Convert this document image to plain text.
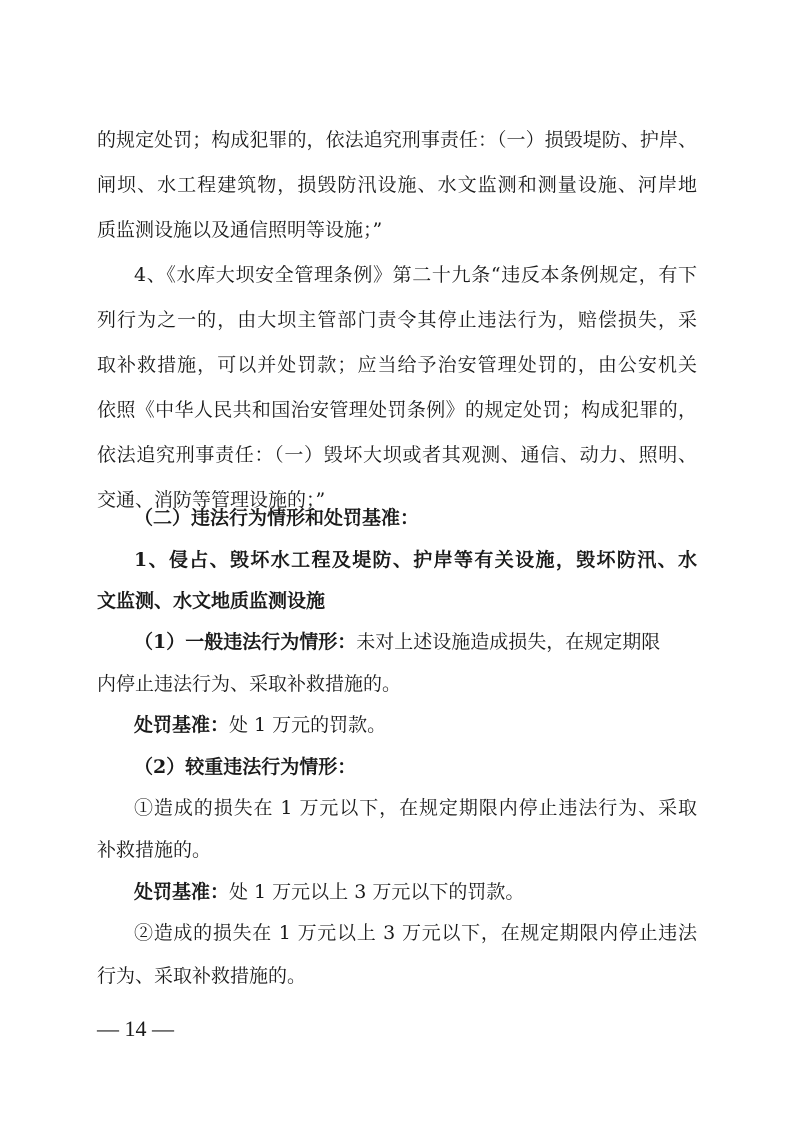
的规定处罚；构成犯罪的，依法追究刑事责任：（一）损毁堤防、护岸、
闸坝、水工程建筑物，损毁防汛设施、水文监测和测量设施、河岸地
质监测设施以及通信照明等设施；”
4、《水库大坝安全管理条例》第二十九条“违反本条例规定，有下
列行为之一的，由大坝主管部门责令其停止违法行为，赔偿损失，采
取补救措施，可以并处罚款；应当给予治安管理处罚的，由公安机关
依照《中华人民共和国治安管理处罚条例》的规定处罚；构成犯罪的，
依法追究刑事责任：（一）毁坏大坝或者其观测、通信、动力、照明、
交通、消防等管理设施的；”
（二）违法行为情形和处罚基准：
1、侵占、毁坏水工程及堤防、护岸等有关设施，毁坏防汛、水
文监测、水文地质监测设施
（1）一般违法行为情形：未对上述设施造成损失，在规定期限
内停止违法行为、采取补救措施的。
处罚基准：处 1 万元的罚款。
（2）较重违法行为情形：
①造成的损失在 1 万元以下，在规定期限内停止违法行为、采取
补救措施的。
处罚基准：处 1 万元以上 3 万元以下的罚款。
②造成的损失在 1 万元以上 3 万元以下，在规定期限内停止违法
— 14 —
行为、采取补救措施的。
